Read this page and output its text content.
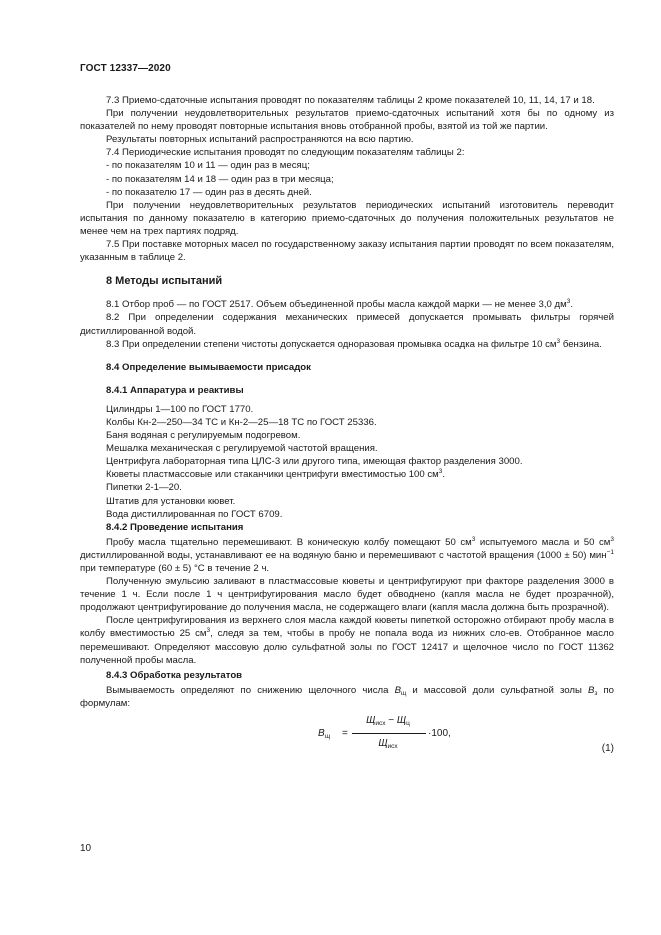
ГОСТ 12337—2020

7.3 Приемо-сдаточные испытания проводят по показателям таблицы 2 кроме показателей 10, 11, 14, 17 и 18.

При получении неудовлетворительных результатов приемо-сдаточных испытаний хотя бы по одному из показателей по нему проводят повторные испытания вновь отобранной пробы, взятой из той же партии.

Результаты повторных испытаний распространяются на всю партию.

7.4 Периодические испытания проводят по следующим показателям таблицы 2:

- по показателям 10 и 11 — один раз в месяц;

- по показателям 14 и 18 — один раз в три месяца;

- по показателю 17 — один раз в десять дней.

При получении неудовлетворительных результатов периодических испытаний изготовитель переводит испытания по данному показателю в категорию приемо-сдаточных до получения положительных результатов не менее чем на трех партиях подряд.

7.5 При поставке моторных масел по государственному заказу испытания партии проводят по всем показателям, указанным в таблице 2.

8 Методы испытаний

8.1 Отбор проб — по ГОСТ 2517. Объем объединенной пробы масла каждой марки — не менее 3,0 $дм^3$.

8.2 При определении содержания механических примесей допускается промывать фильтры горячей дистиллированной водой.

8.3 При определении степени чистоты допускается одноразовая промывка осадка на фильтре 10 $см^3$ бензина.

8.4 Определение вымываемости присадок

8.4.1 Аппаратура и реактивы

Цилиндры 1—100 по ГОСТ 1770.

Колбы Кн-2—250—34 ТС и Кн-2—25—18 ТС по ГОСТ 25336.

Баня водяная с регулируемым подогревом.

Мешалка механическая с регулируемой частотой вращения.

Центрифуга лабораторная типа ЦЛС-3 или другого типа, имеющая фактор разделения 3000.

Кюветы пластмассовые или стаканчики центрифуги вместимостью 100 $см^3$.

Пипетки 2-1—20.

Штатив для установки кювет.

Вода дистиллированная по ГОСТ 6709.

8.4.2 Проведение испытания

Пробу масла тщательно перемешивают. В коническую колбу помещают 50 $см^3$ испытуемого масла и 50 $см^3$ дистиллированной воды, устанавливают ее на водяную баню и перемешивают с частотой вращения (1000 ± 50) мин$^{-1}$ при температуре (60 ± 5) °С в течение 2 ч.

Полученную эмульсию заливают в пластмассовые кюветы и центрифугируют при факторе разделения 3000 в течение 1 ч. Если после 1 ч центрифугирования масло будет обводнено (капля масла не будет прозрачной), продолжают центрифугирование до получения масла, не содержащего влаги (капля масла должна быть прозрачной).

После центрифугирования из верхнего слоя масла каждой кюветы пипеткой осторожно отбирают пробу масла в колбу вместимостью 25 $см^3$, следя за тем, чтобы в пробу не попала вода из нижних сло-ев. Отобранное масло перемешивают. Определяют массовую долю сульфатной золы по ГОСТ 12417 и щелочное число по ГОСТ 11362 полученной пробы масла.

8.4.3 Обработка результатов

Вымываемость определяют по снижению щелочного числа $В_щ$ и массовой доли сульфатной золы $В_з$ по формулам:

$В_щ$ =
$Щ_{исх} - Щ_ц$
$Щ_{исх}$
·100,
(1)
10
